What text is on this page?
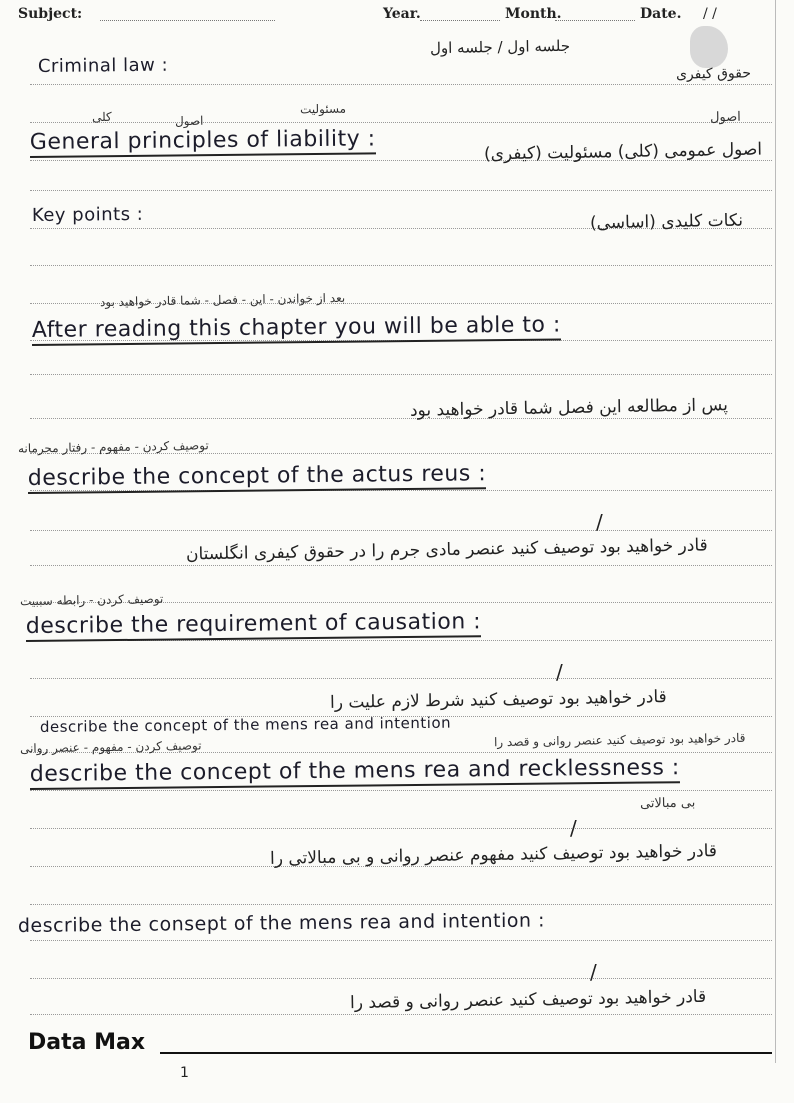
Subject:	Year.	Month.	Date. / /
جلسه اول / جلسه اول
Criminal law :	حقوق کیفری
اصول
کلی	اصول
مسئولیت
General principles of liability :	اصول عمومی (کلی) مسئولیت (کیفری)
Key points :	نکات کلیدی (اساسی)
بعد از خواندن - این - فصل - شما قادر خواهید بود
After reading this chapter you will be able to :
پس از مطالعه این فصل شما قادر خواهید بود
توصیف کردن - مفهوم - رفتار مجرمانه
describe the concept of the actus reus :
/
قادر خواهید بود توصیف کنید عنصر مادی جرم را در حقوق کیفری انگلستان
توصیف کردن - رابطه سببیت
describe the requirement of causation :
/
قادر خواهید بود توصیف کنید شرط لازم علیت را
describe the concept of the mens rea and intention
قادر خواهید بود توصیف کنید عنصر روانی و قصد را
توصیف کردن - مفهوم - عنصر روانی
describe the concept of the mens rea and recklessness :
بی مبالاتی
/
قادر خواهید بود توصیف کنید مفهوم عنصر روانی و بی مبالاتی را
describe the consept of the mens rea and intention :
/
قادر خواهید بود توصیف کنید عنصر روانی و قصد را
Data Max
1
